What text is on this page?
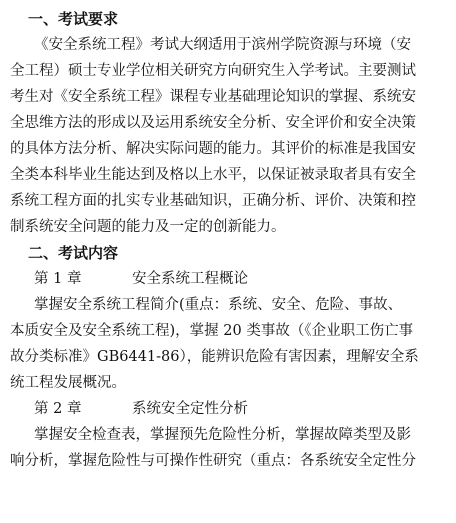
一、考试要求
《安全系统工程》考试大纲适用于滨州学院资源与环境（安
全工程）硕士专业学位相关研究方向研究生入学考试。主要测试
考生对《安全系统工程》课程专业基础理论知识的掌握、系统安
全思维方法的形成以及运用系统安全分析、安全评价和安全决策
的具体方法分析、解决实际问题的能力。其评价的标准是我国安
全类本科毕业生能达到及格以上水平，以保证被录取者具有安全
系统工程方面的扎实专业基础知识，正确分析、评价、决策和控
制系统安全问题的能力及一定的创新能力。
二、考试内容
第 1 章	安全系统工程概论
掌握安全系统工程简介(重点：系统、安全、危险、事故、
本质安全及安全系统工程)，掌握 20 类事故（《企业职工伤亡事
故分类标准》GB6441-86），能辨识危险有害因素，理解安全系
统工程发展概况。
第 2 章	系统安全定性分析
掌握安全检查表，掌握预先危险性分析，掌握故障类型及影
响分析，掌握危险性与可操作性研究（重点：各系统安全定性分
